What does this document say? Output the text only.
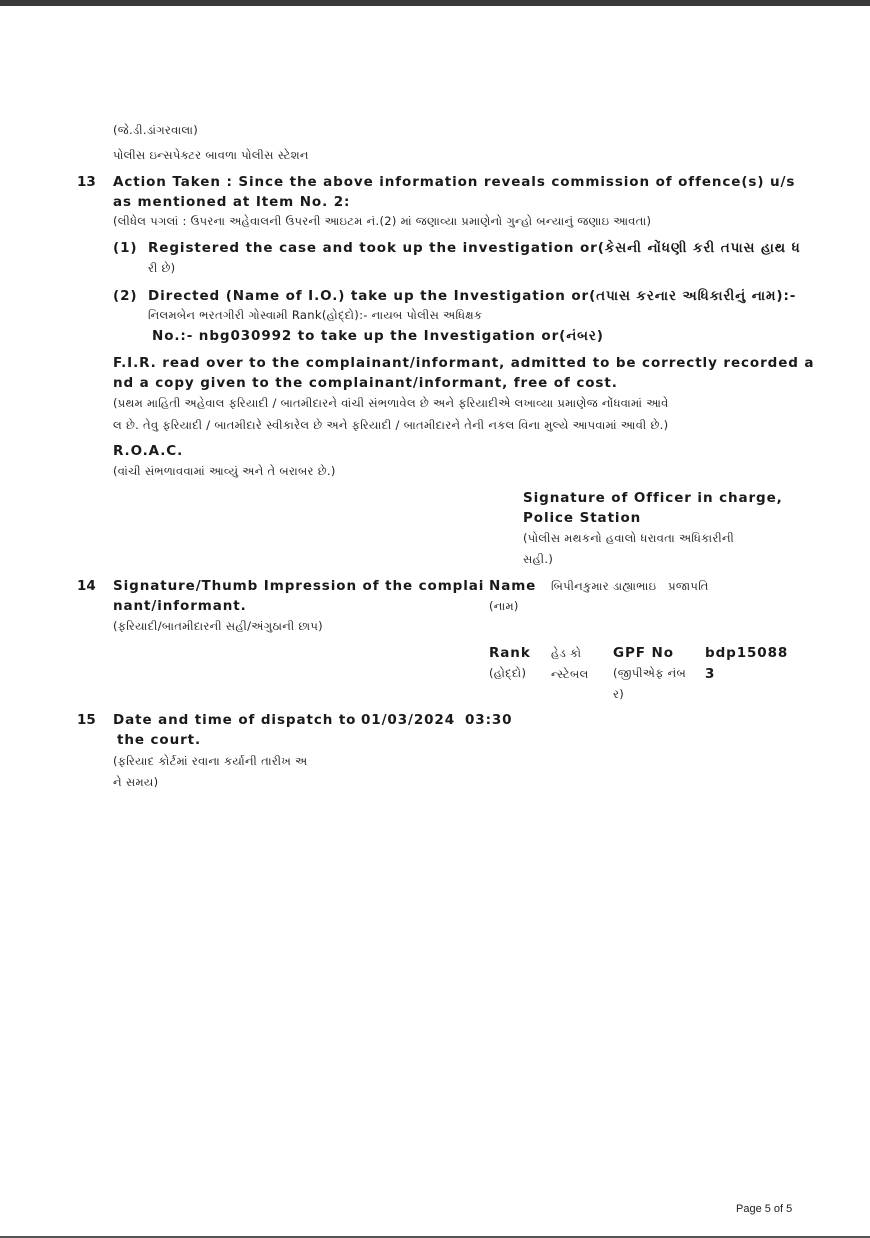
(જે.ડી.ડાંગરવાલા)
પોલીસ ઇન્સપેક્ટર બાવળા પોલીસ સ્ટેશન
13 Action Taken : Since the above information reveals commission of offence(s) u/s
as mentioned at Item No. 2:
(લીધેલ પગલાં : ઉપરના અહેવાલની ઉપરની આઇટમ નં.(2) માં જણાવ્યા પ્રમાણેનો ગુન્હો બન્યાનું જણાઇ આવતા)
(1) Registered the case and took up the investigation or(કેસની નોંધણી કરી તપાસ હાથ ધ
રી છે)
(2) Directed (Name of I.O.) take up the Investigation or(તપાસ કરનાર અધિકારીનું નામ):-
નિલમબેન ભરતગીરી ગોસ્વામી Rank(હોદ્દો):- નાયબ પોલીસ અધિક્ષક
No.:- nbg030992 to take up the Investigation or(નંબર)
F.I.R. read over to the complainant/informant, admitted to be correctly recorded a
nd a copy given to the complainant/informant, free of cost.
(પ્રથમ માહિતી અહેવાલ ફરિયાદી / બાતમીદારને વાંચી સંભળાવેલ છે અને ફરિયાદીએ લખાવ્યા પ્રમાણેજ નોંધવામાં આવે
લ છે. તેવુ ફરિયાદી / બાતમીદારે સ્વીકારેલ છે અને ફરિયાદી / બાતમીદારને તેની નકલ વિના મુલ્યે આપવામાં આવી છે.)
R.O.A.C.
(વાંચી સંભળાવવામાં આવ્યું અને તે બરાબર છે.)
Signature of Officer in charge,
Police Station
(પોલીસ મથકનો હવાલો ધરાવતા અધિકારીની
સહી.)
14 Signature/Thumb Impression of the complai
nant/informant.
(ફરિયાદી/બાતમીદારની સહી/અંગુઠાની છાપ)
Name
(નામ)
બિપીનકુમાર ડાહ્યાભાઇ   પ્રજાપતિ
Rank
(હોદ્દો)
હેડ કો
ન્સ્ટેબલ
GPF No
(જીપીએફ નંબ
ર)
bdp15088
3
15 Date and time of dispatch to
the court.
(ફરિયાદ કોર્ટમાં રવાના કર્યાની તારીખ અ
ને સમય)
01/03/2024 03:30
Page 5 of 5
